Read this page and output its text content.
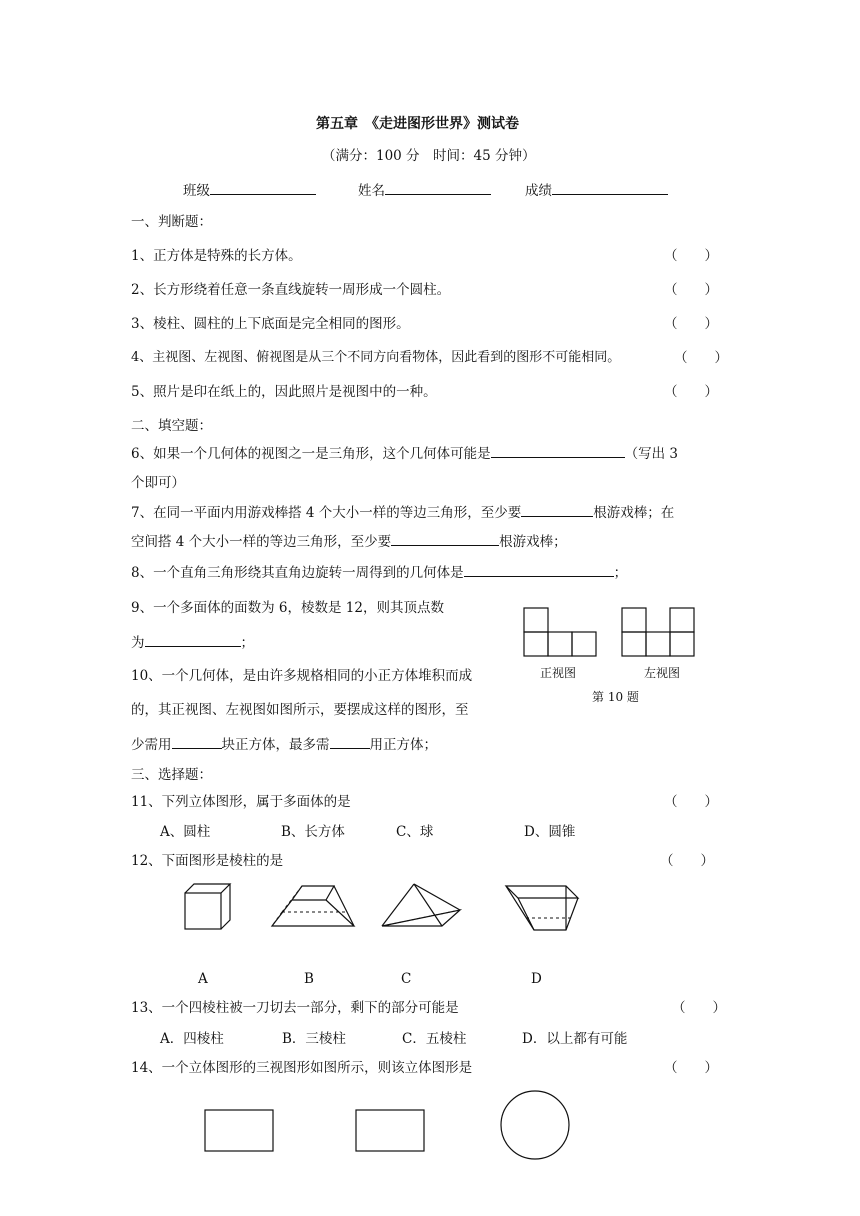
第五章　《走进图形世界》测试卷
（满分：100 分　时间：45 分钟）
班级	姓名	成绩
一、判断题：
1、正方体是特殊的长方体。	（　　）
2、长方形绕着任意一条直线旋转一周形成一个圆柱。	（　　）
3、棱柱、圆柱的上下底面是完全相同的图形。	（　　）
4、主视图、左视图、俯视图是从三个不同方向看物体，因此看到的图形不可能相同。	（　　）
5、照片是印在纸上的，因此照片是视图中的一种。	（　　）
二、填空题：
6、如果一个几何体的视图之一是三角形，这个几何体可能是	（写出 3
个即可）
7、在同一平面内用游戏棒搭 4 个大小一样的等边三角形，至少要	根游戏棒；在
空间搭 4 个大小一样的等边三角形，至少要	根游戏棒；
8、一个直角三角形绕其直角边旋转一周得到的几何体是	；
9、一个多面体的面数为 6，棱数是 12，则其顶点数
为	；
10、一个几何体，是由许多规格相同的小正方体堆积而成
的，其正视图、左视图如图所示，要摆成这样的图形，至
少需用	块正方体，最多需	用正方体；
正视图	左视图
第 10 题
三、选择题：
11、下列立体图形，属于多面体的是	（　　）
A、圆柱	B、长方体	C、球	D、圆锥
12、下面图形是棱柱的是	（　　）
A	B	C	D
13、一个四棱柱被一刀切去一部分，剩下的部分可能是	（　　）
A．四棱柱	B．三棱柱	C．五棱柱	D．以上都有可能
14、一个立体图形的三视图形如图所示，则该立体图形是	（　　）
